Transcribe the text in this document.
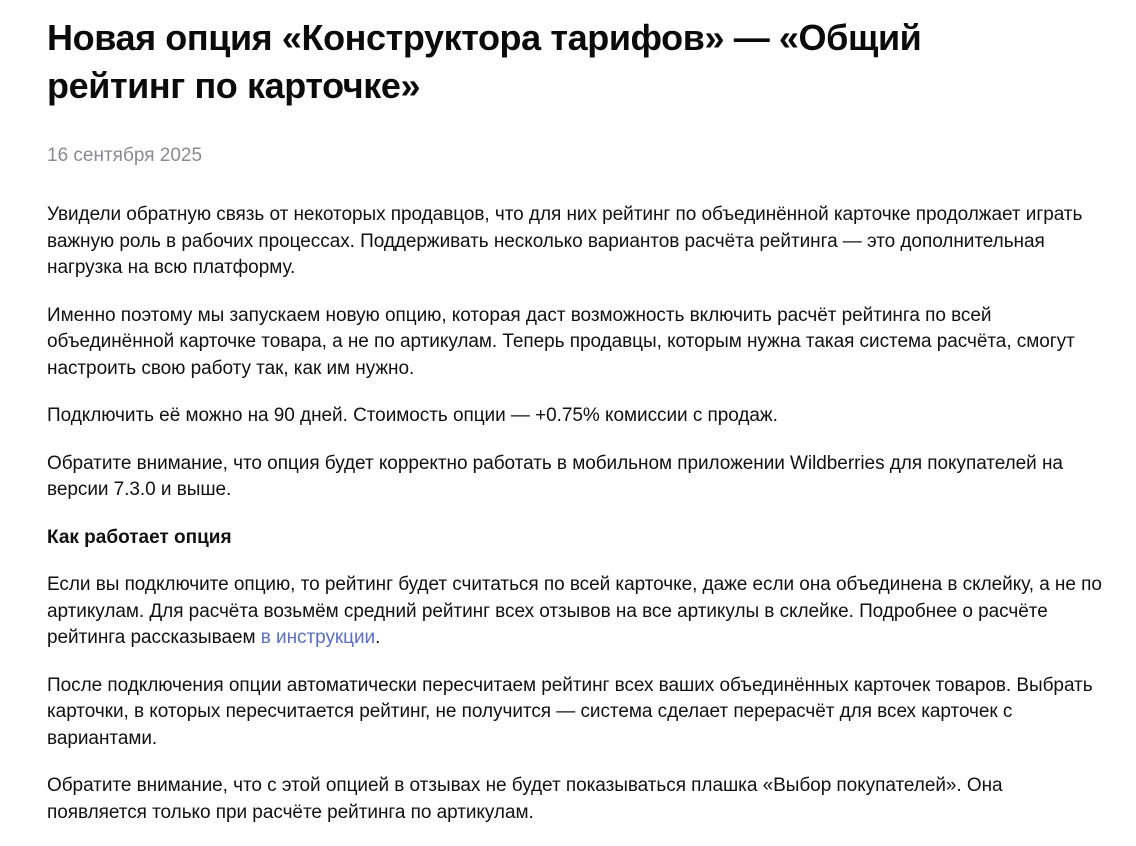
Новая опция «Конструктора тарифов» — «Общий рейтинг по карточке»
16 сентября 2025

Увидели обратную связь от некоторых продавцов, что для них рейтинг по объединённой карточке продолжает играть важную роль в рабочих процессах. Поддерживать несколько вариантов расчёта рейтинга — это дополнительная нагрузка на всю платформу.

Именно поэтому мы запускаем новую опцию, которая даст возможность включить расчёт рейтинга по всей объединённой карточке товара, а не по артикулам. Теперь продавцы, которым нужна такая система расчёта, смогут настроить свою работу так, как им нужно.

Подключить её можно на 90 дней. Стоимость опции — +0.75% комиссии с продаж.

Обратите внимание, что опция будет корректно работать в мобильном приложении Wildberries для покупателей на версии 7.3.0 и выше.

Как работает опция

Если вы подключите опцию, то рейтинг будет считаться по всей карточке, даже если она объединена в склейку, а не по артикулам. Для расчёта возьмём средний рейтинг всех отзывов на все артикулы в склейке. Подробнее о расчёте рейтинга рассказываем в инструкции.

После подключения опции автоматически пересчитаем рейтинг всех ваших объединённых карточек товаров. Выбрать карточки, в которых пересчитается рейтинг, не получится — система сделает перерасчёт для всех карточек с вариантами.

Обратите внимание, что с этой опцией в отзывах не будет показываться плашка «Выбор покупателей». Она появляется только при расчёте рейтинга по артикулам.
